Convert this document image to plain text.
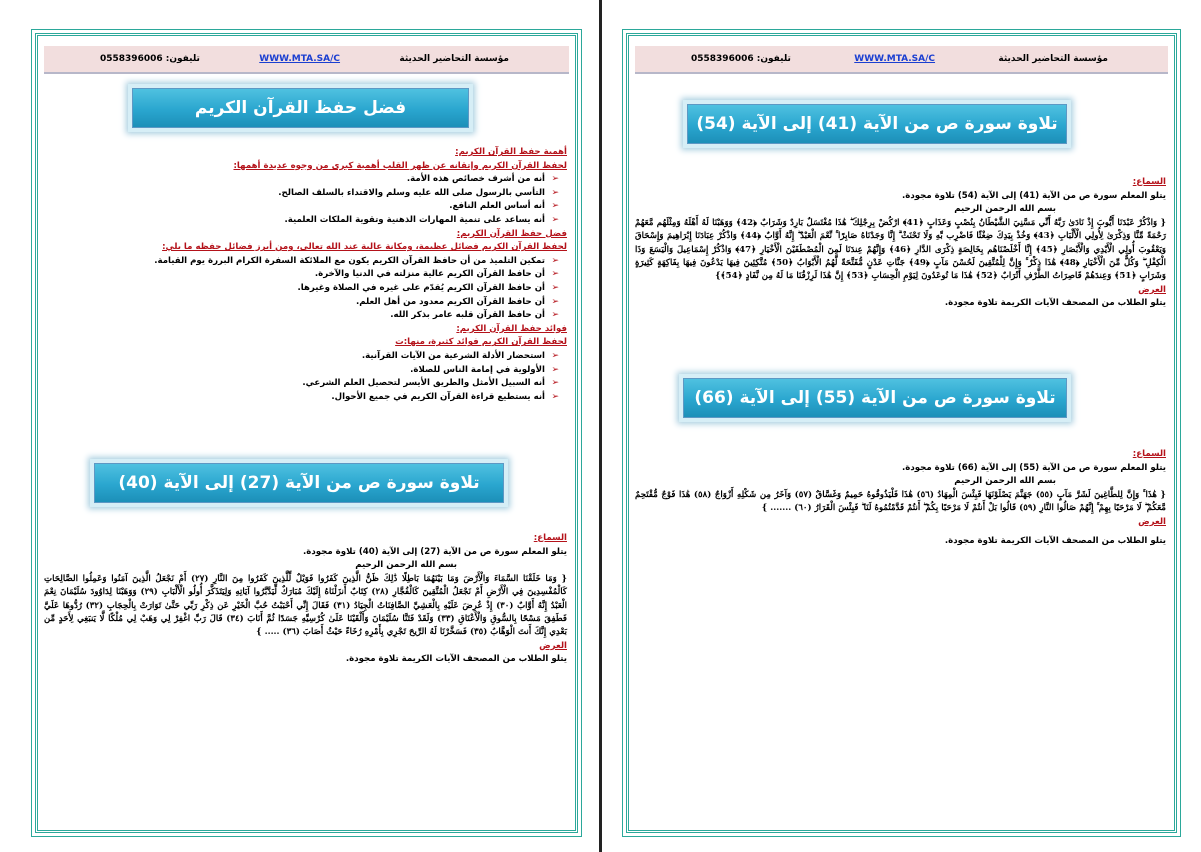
تليفون: 0558396006	WWW.MTA.SA/C	مؤسسة التحاضير الحديثة
فضل حفظ القرآن الكريم
أهمية حفظ القرآن الكريم:
لحفظ القرآن الكريم وإتقانه عن ظهر القلب أهمية كبرى من وجوه عديدة أهمها:
➢
أنه من أشرف خصائص هذه الأمة.
➢
التأسي بالرسول صلى الله عليه وسلم والاقتداء بالسلف الصالح.
➢
أنه أساس العلم النافع.
➢
أنه يساعد على تنمية المهارات الذهنية وتقوية الملكات العلمية.
فضل حفظ القرآن الكريم:
لحفظ القرآن الكريم فضائل عظيمة، ومكانة عالية عند الله تعالى، ومن أبرز فضائل حفظه ما يلي:
➢
تمكين التلميذ من أن حافظ القرآن الكريم يكون مع الملائكة السفرة الكرام البررة يوم القيامة.
➢
أن حافظ القرآن الكريم عالية منزلته في الدنيا والآخرة.
➢
أن حافظ القرآن الكريم يُقدّم على غيره في الصلاة وغيرها.
➢
أن حافظ القرآن الكريم معدود من أهل العلم.
➢
أن حافظ القرآن قلبه عامر بذكر الله.
فوائد حفظ القرآن الكريم:
لحفظ القرآن الكريم فوائد كثيرة، منها:ت
➢
استحضار الأدلة الشرعية من الآيات القرآنية.
➢
الأولوية في إمامة الناس للصلاة.
➢
أنه السبيل الأمثل والطريق الأيسر لتحصيل العلم الشرعي.
➢
أنه يستطيع قراءة القرآن الكريم في جميع الأحوال.
تلاوة سورة ص من الآية (27) إلى الآية (40)
السماع:
يتلو المعلم سورة ص من الآية (27) إلى الآية (40) تلاوة مجودة.
بسم الله الرحمن الرحيم
{ وَمَا خَلَقْنَا السَّمَاءَ وَالْأَرْضَ وَمَا بَيْنَهُمَا بَاطِلًا ذَٰلِكَ ظَنُّ الَّذِينَ كَفَرُوا فَوَيْلٌ لِّلَّذِينَ كَفَرُوا مِنَ النَّارِ (٢٧) أَمْ نَجْعَلُ الَّذِينَ آمَنُوا وَعَمِلُوا الصَّالِحَاتِ كَالْمُفْسِدِينَ فِي الْأَرْضِ أَمْ نَجْعَلُ الْمُتَّقِينَ كَالْفُجَّارِ (٢٨) كِتَابٌ أَنزَلْنَاهُ إِلَيْكَ مُبَارَكٌ لِّيَدَّبَّرُوا آيَاتِهِ وَلِيَتَذَكَّرَ أُولُو الْأَلْبَابِ (٢٩) وَوَهَبْنَا لِدَاوُودَ سُلَيْمَانَ نِعْمَ الْعَبْدُ إِنَّهُ أَوَّابٌ (٣٠) إِذْ عُرِضَ عَلَيْهِ بِالْعَشِيِّ الصَّافِنَاتُ الْجِيَادُ (٣١) فَقَالَ إِنِّي أَحْبَبْتُ حُبَّ الْخَيْرِ عَن ذِكْرِ رَبِّي حَتَّىٰ تَوَارَتْ بِالْحِجَابِ (٣٢) رُدُّوهَا عَلَيَّ فَطَفِقَ مَسْحًا بِالسُّوقِ وَالْأَعْنَاقِ (٣٣) وَلَقَدْ فَتَنَّا سُلَيْمَانَ وَأَلْقَيْنَا عَلَىٰ كُرْسِيِّهِ جَسَدًا ثُمَّ أَنَابَ (٣٤) قَالَ رَبِّ اغْفِرْ لِي وَهَبْ لِي مُلْكًا لَّا يَنبَغِي لِأَحَدٍ مِّن بَعْدِي إِنَّكَ أَنتَ الْوَهَّابُ (٣٥) فَسَخَّرْنَا لَهُ الرِّيحَ تَجْرِي بِأَمْرِهِ رُخَاءً حَيْثُ أَصَابَ (٣٦) ..... }
العرض
يتلو الطلاب من المصحف الآيات الكريمة تلاوة مجودة.
تليفون: 0558396006	WWW.MTA.SA/C	مؤسسة التحاضير الحديثة
تلاوة سورة ص من الآية (41) إلى الآية (54)
السماع:
يتلو المعلم سورة ص من الآية (41) إلى الآية (54) تلاوة مجودة.
بسم الله الرحمن الرحيم
{ وَاذْكُرْ عَبْدَنَا أَيُّوبَ إِذْ نَادَىٰ رَبَّهُ أَنِّي مَسَّنِيَ الشَّيْطَانُ بِنُصْبٍ وَعَذَابٍ ﴿41﴾ ارْكُضْ بِرِجْلِكَ ۖ هَٰذَا مُغْتَسَلٌ بَارِدٌ وَشَرَابٌ ﴿42﴾ وَوَهَبْنَا لَهُ أَهْلَهُ وَمِثْلَهُم مَّعَهُمْ رَحْمَةً مِّنَّا وَذِكْرَىٰ لِأُولِي الْأَلْبَابِ ﴿43﴾ وَخُذْ بِيَدِكَ ضِغْثًا فَاضْرِب بِّهِ وَلَا تَحْنَثْ ۗ إِنَّا وَجَدْنَاهُ صَابِرًا ۚ نِّعْمَ الْعَبْدُ ۖ إِنَّهُ أَوَّابٌ ﴿44﴾ وَاذْكُرْ عِبَادَنَا إِبْرَاهِيمَ وَإِسْحَاقَ وَيَعْقُوبَ أُولِي الْأَيْدِي وَالْأَبْصَارِ ﴿45﴾ إِنَّا أَخْلَصْنَاهُم بِخَالِصَةٍ ذِكْرَى الدَّارِ ﴿46﴾ وَإِنَّهُمْ عِندَنَا لَمِنَ الْمُصْطَفَيْنَ الْأَخْيَارِ ﴿47﴾ وَاذْكُرْ إِسْمَاعِيلَ وَالْيَسَعَ وَذَا الْكِفْلِ ۖ وَكُلٌّ مِّنَ الْأَخْيَارِ ﴿48﴾ هَٰذَا ذِكْرٌ ۚ وَإِنَّ لِلْمُتَّقِينَ لَحُسْنَ مَآبٍ ﴿49﴾ جَنَّاتِ عَدْنٍ مُّفَتَّحَةً لَّهُمُ الْأَبْوَابُ ﴿50﴾ مُتَّكِئِينَ فِيهَا يَدْعُونَ فِيهَا بِفَاكِهَةٍ كَثِيرَةٍ وَشَرَابٍ ﴿51﴾ وَعِندَهُمْ قَاصِرَاتُ الطَّرْفِ أَتْرَابٌ ﴿52﴾ هَٰذَا مَا تُوعَدُونَ لِيَوْمِ الْحِسَابِ ﴿53﴾ إِنَّ هَٰذَا لَرِزْقُنَا مَا لَهُ مِن نَّفَادٍ ﴿54﴾}
العرض
يتلو الطلاب من المصحف الآيات الكريمة تلاوة مجودة.
تلاوة سورة ص من الآية (55) إلى الآية (66)
السماع:
يتلو المعلم سورة ص من الآية (55) إلى الآية (66) تلاوة مجودة.
بسم الله الرحمن الرحيم
{ هَٰذَا ۚ وَإِنَّ لِلطَّاغِينَ لَشَرَّ مَآبٍ (٥٥) جَهَنَّمَ يَصْلَوْنَهَا فَبِئْسَ الْمِهَادُ (٥٦) هَٰذَا فَلْيَذُوقُوهُ حَمِيمٌ وَغَسَّاقٌ (٥٧) وَآخَرُ مِن شَكْلِهِ أَزْوَاجٌ (٥٨) هَٰذَا فَوْجٌ مُّقْتَحِمٌ مَّعَكُمْ ۖ لَا مَرْحَبًا بِهِمْ ۚ إِنَّهُمْ صَالُوا النَّارِ (٥٩) قَالُوا بَلْ أَنتُمْ لَا مَرْحَبًا بِكُمْ ۖ أَنتُمْ قَدَّمْتُمُوهُ لَنَا ۖ فَبِئْسَ الْقَرَارُ (٦٠) ....... }
العرض
يتلو الطلاب من المصحف الآيات الكريمة تلاوة مجودة.
